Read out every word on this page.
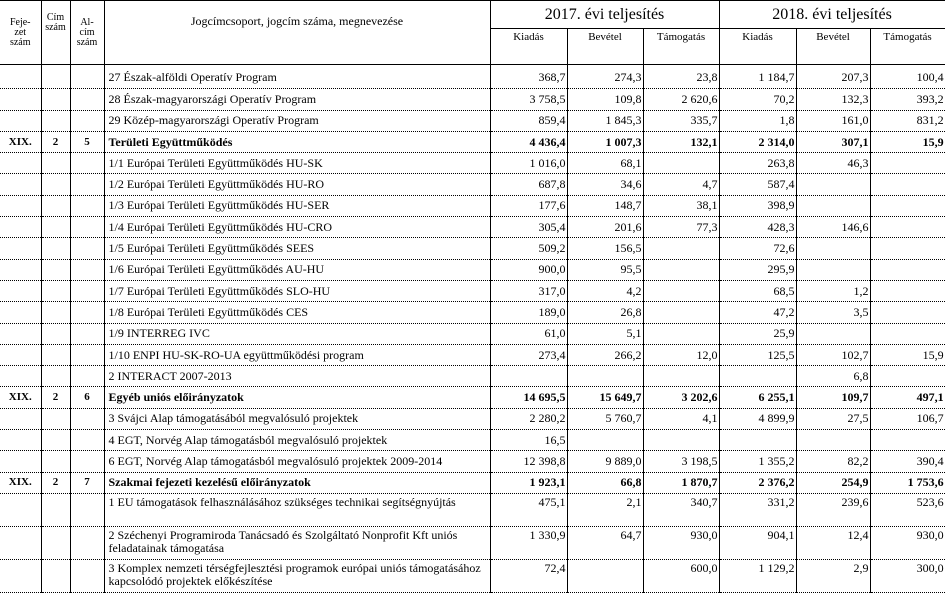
Feje-
zet
szám	Cím
szám	Al-
cím
szám	Jogcímcsoport, jogcím száma, megnevezése	2017. évi teljesítés			2018. évi teljesítés		
				Kiadás	Bevétel	Támogatás	Kiadás	Bevétel	Támogatás

			27 Észak-alföldi Operatív Program	368,7	274,3	23,8	1 184,7	207,3	100,4
			28 Észak-magyarországi Operatív Program	3 758,5	109,8	2 620,6	70,2	132,3	393,2
			29 Közép-magyarországi Operatív Program	859,4	1 845,3	335,7	1,8	161,0	831,2
XIX.	2	5	Területi Együttműködés	4 436,4	1 007,3	132,1	2 314,0	307,1	15,9
			1/1 Európai Területi Együttműködés HU-SK	1 016,0	68,1		263,8	46,3	
			1/2 Európai Területi Együttműködés HU-RO	687,8	34,6	4,7	587,4		
			1/3 Európai Területi Együttműködés HU-SER	177,6	148,7	38,1	398,9		
			1/4 Európai Területi Együttműködés HU-CRO	305,4	201,6	77,3	428,3	146,6	
			1/5 Európai Területi Együttműködés SEES	509,2	156,5		72,6		
			1/6 Európai Területi Együttműködés AU-HU	900,0	95,5		295,9		
			1/7 Európai Területi Együttműködés SLO-HU	317,0	4,2		68,5	1,2	
			1/8 Európai Területi Együttműködés CES	189,0	26,8		47,2	3,5	
			1/9 INTERREG IVC	61,0	5,1		25,9		
			1/10 ENPI HU-SK-RO-UA együttműködési program	273,4	266,2	12,0	125,5	102,7	15,9
			2 INTERACT 2007-2013					6,8	
XIX.	2	6	Egyéb uniós előirányzatok	14 695,5	15 649,7	3 202,6	6 255,1	109,7	497,1
			3 Svájci Alap támogatásából megvalósuló projektek	2 280,2	5 760,7	4,1	4 899,9	27,5	106,7
			4 EGT, Norvég Alap támogatásból megvalósuló projektek	16,5					
			6 EGT, Norvég Alap támogatásból megvalósuló projektek 2009-2014	12 398,8	9 889,0	3 198,5	1 355,2	82,2	390,4
XIX.	2	7	Szakmai fejezeti kezelésű előirányzatok	1 923,1	66,8	1 870,7	2 376,2	254,9	1 753,6
			1 EU támogatások felhasználásához szükséges technikai segítségnyújtás	475,1	2,1	340,7	331,2	239,6	523,6
			2 Széchenyi Programiroda Tanácsadó és Szolgáltató Nonprofit Kft uniós feladatainak támogatása	1 330,9	64,7	930,0	904,1	12,4	930,0
			3 Komplex nemzeti térségfejlesztési programok európai uniós támogatásához kapcsolódó projektek előkészítése	72,4		600,0	1 129,2	2,9	300,0
